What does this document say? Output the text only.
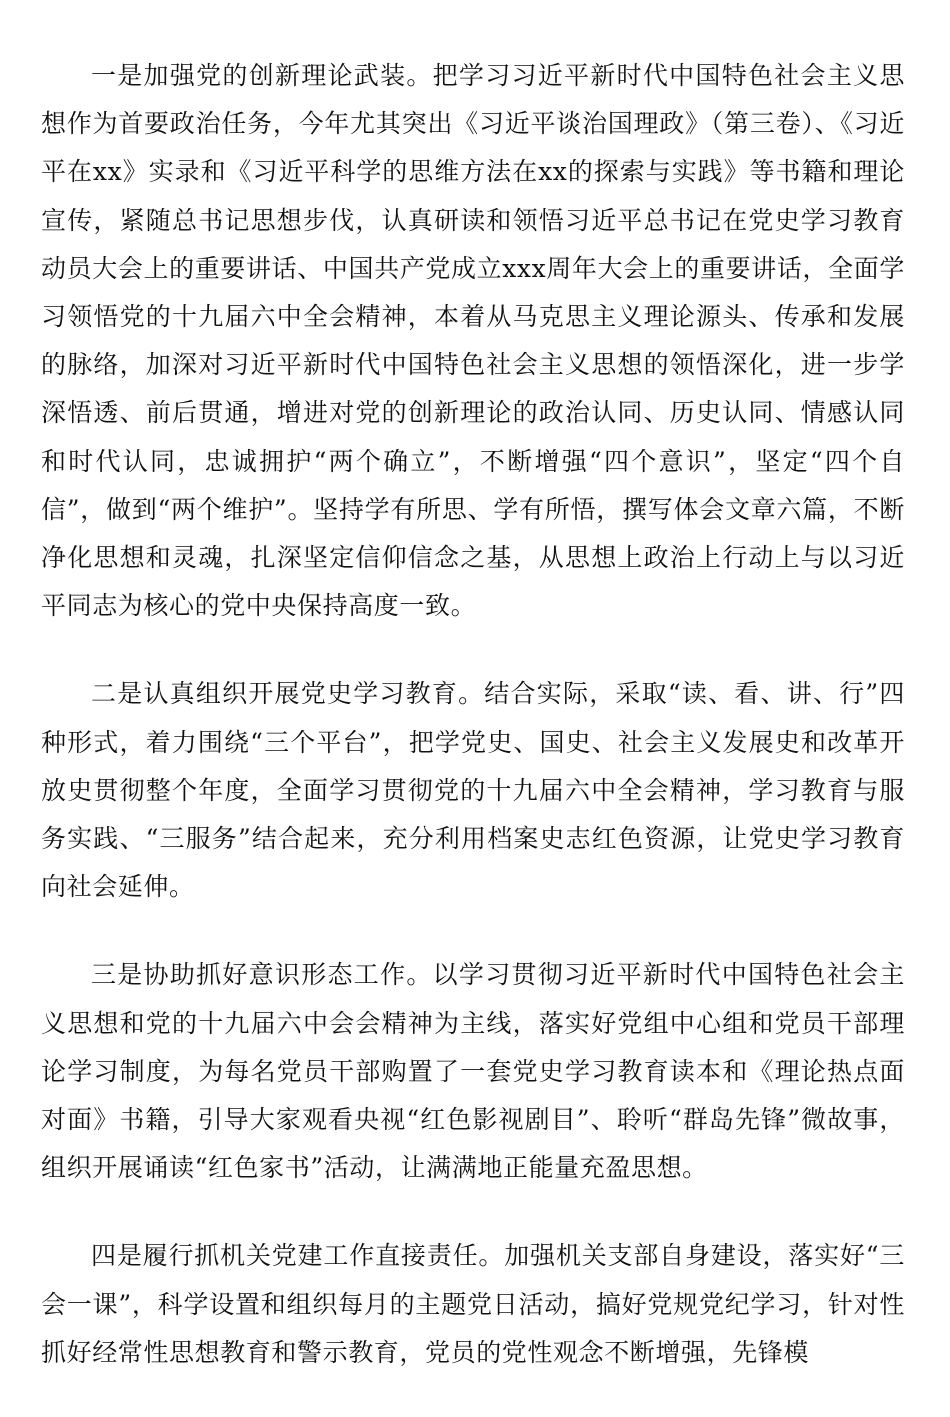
一是加强党的创新理论武装。把学习习近平新时代中国特色社会主义思想作为首要政治任务，今年尤其突出《习近平谈治国理政》（第三卷）、《习近平在xx》实录和《习近平科学的思维方法在xx的探索与实践》等书籍和理论宣传，紧随总书记思想步伐，认真研读和领悟习近平总书记在党史学习教育动员大会上的重要讲话、中国共产党成立xxx周年大会上的重要讲话，全面学习领悟党的十九届六中全会精神，本着从马克思主义理论源头、传承和发展的脉络，加深对习近平新时代中国特色社会主义思想的领悟深化，进一步学深悟透、前后贯通，增进对党的创新理论的政治认同、历史认同、情感认同和时代认同，忠诚拥护“两个确立”，不断增强“四个意识”，坚定“四个自信”，做到“两个维护”。坚持学有所思、学有所悟，撰写体会文章六篇，不断净化思想和灵魂，扎深坚定信仰信念之基，从思想上政治上行动上与以习近平同志为核心的党中央保持高度一致。

二是认真组织开展党史学习教育。结合实际，采取“读、看、讲、行”四种形式，着力围绕“三个平台”，把学党史、国史、社会主义发展史和改革开放史贯彻整个年度，全面学习贯彻党的十九届六中全会精神，学习教育与服务实践、“三服务”结合起来，充分利用档案史志红色资源，让党史学习教育向社会延伸。

三是协助抓好意识形态工作。以学习贯彻习近平新时代中国特色社会主义思想和党的十九届六中会会精神为主线，落实好党组中心组和党员干部理论学习制度，为每名党员干部购置了一套党史学习教育读本和《理论热点面对面》书籍，引导大家观看央视“红色影视剧目”、聆听“群岛先锋”微故事，组织开展诵读“红色家书”活动，让满满地正能量充盈思想。

四是履行抓机关党建工作直接责任。加强机关支部自身建设，落实好“三会一课”，科学设置和组织每月的主题党日活动，搞好党规党纪学习，针对性抓好经常性思想教育和警示教育，党员的党性观念不断增强，先锋模
